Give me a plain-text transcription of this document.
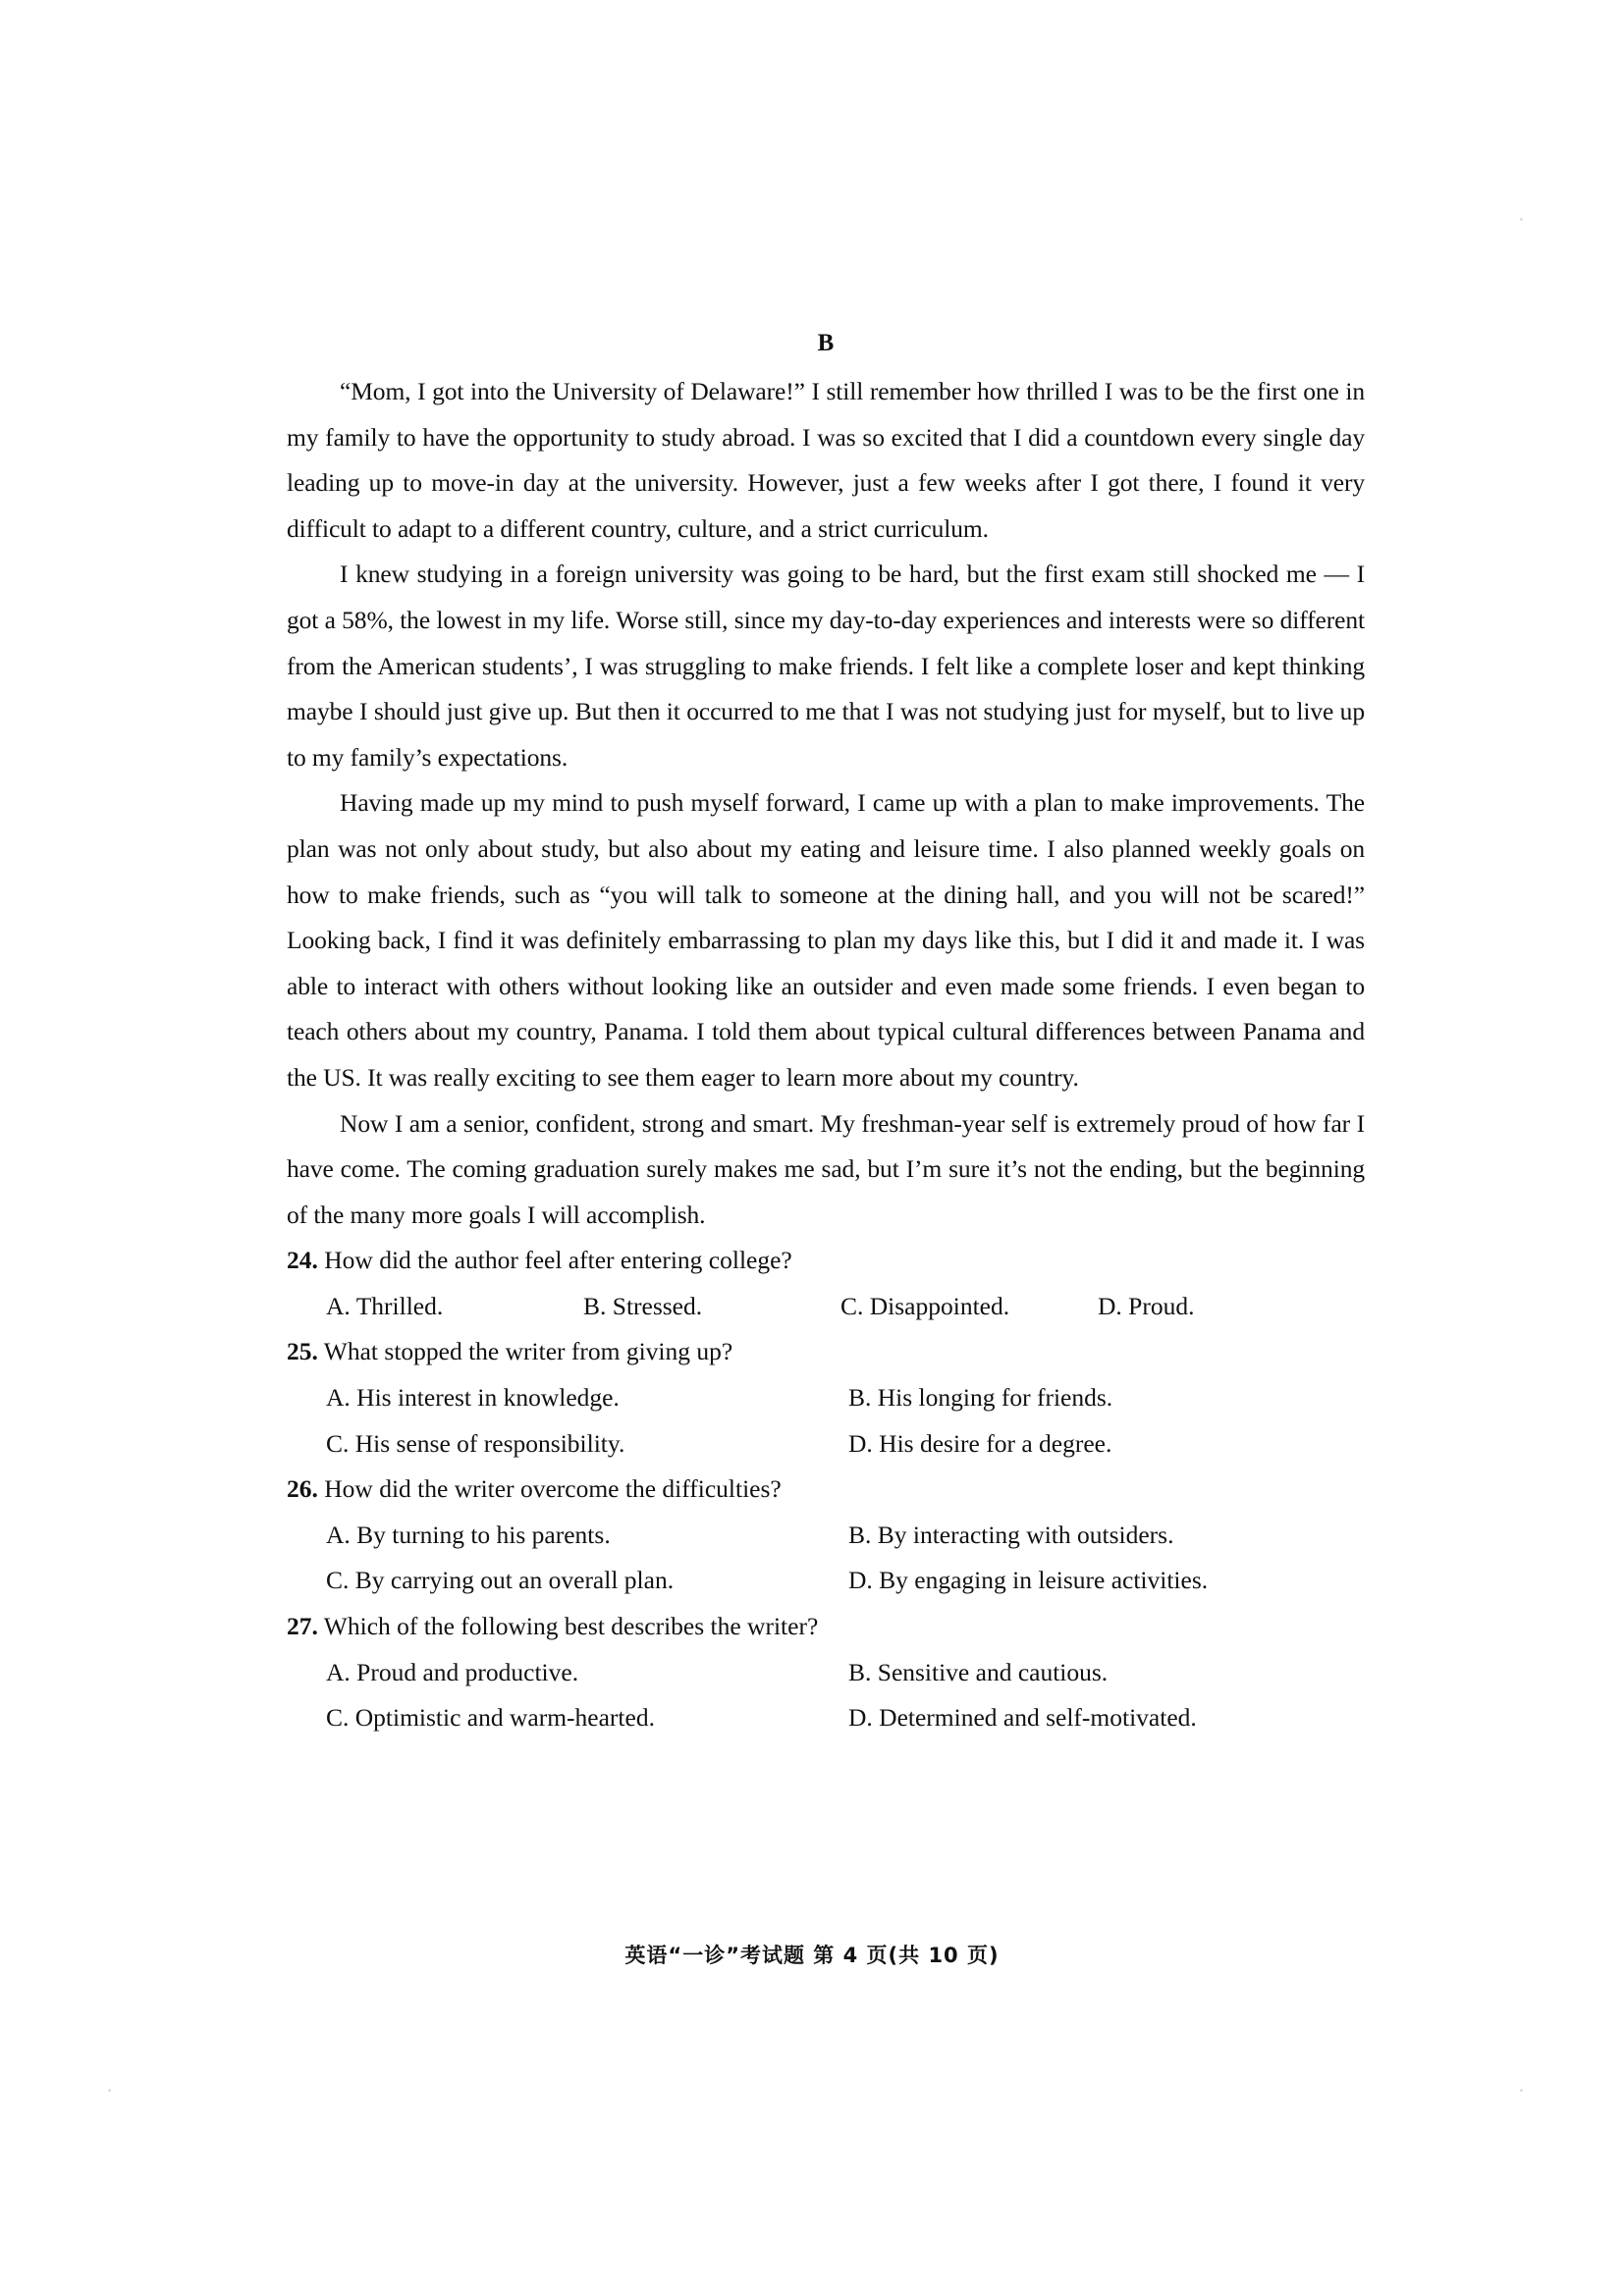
B

“Mom, I got into the University of Delaware!” I still remember how thrilled I was to be the first one in my family to have the opportunity to study abroad. I was so excited that I did a countdown every single day leading up to move-in day at the university. However, just a few weeks after I got there, I found it very difficult to adapt to a different country, culture, and a strict curriculum.

I knew studying in a foreign university was going to be hard, but the first exam still shocked me — I got a 58%, the lowest in my life. Worse still, since my day-to-day experiences and interests were so different from the American students’, I was struggling to make friends. I felt like a complete loser and kept thinking maybe I should just give up. But then it occurred to me that I was not studying just for myself, but to live up to my family’s expectations.

Having made up my mind to push myself forward, I came up with a plan to make improvements. The plan was not only about study, but also about my eating and leisure time. I also planned weekly goals on how to make friends, such as “you will talk to someone at the dining hall, and you will not be scared!” Looking back, I find it was definitely embarrassing to plan my days like this, but I did it and made it. I was able to interact with others without looking like an outsider and even made some friends. I even began to teach others about my country, Panama. I told them about typical cultural differences between Panama and the US. It was really exciting to see them eager to learn more about my country.

Now I am a senior, confident, strong and smart. My freshman-year self is extremely proud of how far I have come. The coming graduation surely makes me sad, but I’m sure it’s not the ending, but the beginning of the many more goals I will accomplish.

24. How did the author feel after entering college?

A. Thrilled.	B. Stressed.	C. Disappointed.	D. Proud.

25. What stopped the writer from giving up?

A. His interest in knowledge.	B. His longing for friends.
C. His sense of responsibility.	D. His desire for a degree.

26. How did the writer overcome the difficulties?

A. By turning to his parents.	B. By interacting with outsiders.
C. By carrying out an overall plan.	D. By engaging in leisure activities.

27. Which of the following best describes the writer?

A. Proud and productive.	B. Sensitive and cautious.
C. Optimistic and warm-hearted.	D. Determined and self-motivated.
英语“一诊”考试题 第 4 页(共 10 页)
